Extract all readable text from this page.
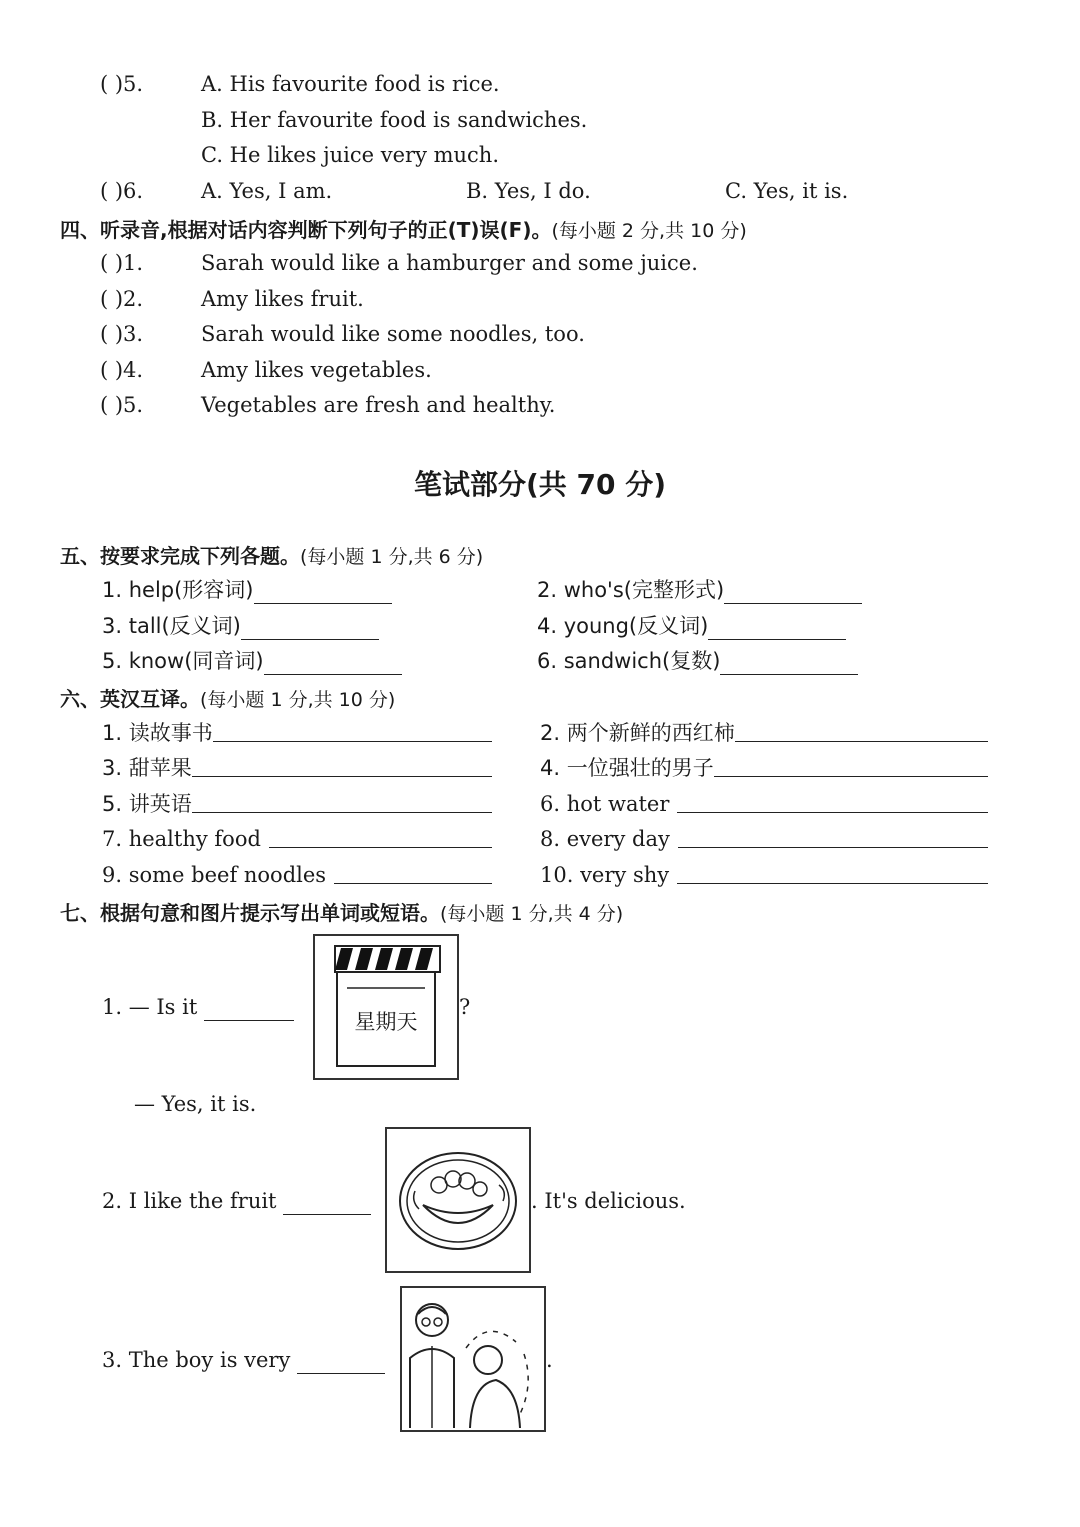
( )5.	A. His favourite food is rice.
B. Her favourite food is sandwiches.
C. He likes juice very much.
( )6.	A. Yes, I am.	B. Yes, I do.	C. Yes, it is.
四、听录音,根据对话内容判断下列句子的正(T)误(F)。(每小题 2 分,共 10 分)
( )1.	Sarah would like a hamburger and some juice.
( )2.	Amy likes fruit.
( )3.	Sarah would like some noodles, too.
( )4.	Amy likes vegetables.
( )5.	Vegetables are fresh and healthy.
笔试部分(共 70 分)
五、按要求完成下列各题。(每小题 1 分,共 6 分)
1. help(形容词)	2. who's(完整形式)
3. tall(反义词)	4. young(反义词)
5. know(同音词)	6. sandwich(复数)
六、英汉互译。(每小题 1 分,共 10 分)
1. 读故事书	2. 两个新鲜的西红柿
3. 甜苹果	4. 一位强壮的男子
5. 讲英语	6. hot water
7. healthy food	8. every day
9. some beef noodles	10. very shy
七、根据句意和图片提示写出单词或短语。(每小题 1 分,共 4 分)
1. — Is it
星期天
?
— Yes, it is.
2. I like the fruit	. It's delicious.
3. The boy is very	.
